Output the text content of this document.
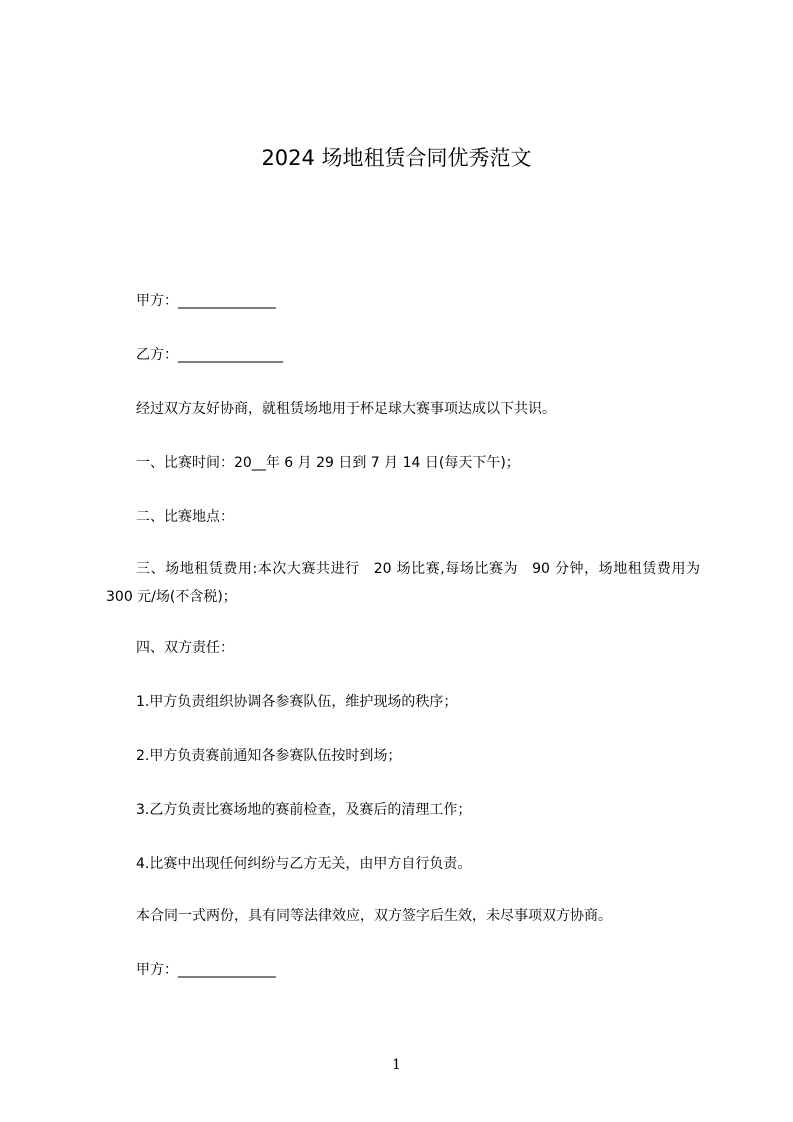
2024 场地租赁合同优秀范文
甲方：______________
乙方：_______________
经过双方友好协商，就租赁场地用于杯足球大赛事项达成以下共识。
一、比赛时间：20__年 6 月 29 日到 7 月 14 日(每天下午)；
二、比赛地点：
三、场地租赁费用:本次大赛共进行 20 场比赛,每场比赛为 90 分钟，场地租赁费用为 300 元/场(不含税)；
四、双方责任：
1.甲方负责组织协调各参赛队伍，维护现场的秩序；
2.甲方负责赛前通知各参赛队伍按时到场；
3.乙方负责比赛场地的赛前检查，及赛后的清理工作；
4.比赛中出现任何纠纷与乙方无关，由甲方自行负责。
本合同一式两份，具有同等法律效应，双方签字后生效，未尽事项双方协商。
甲方：______________
1
